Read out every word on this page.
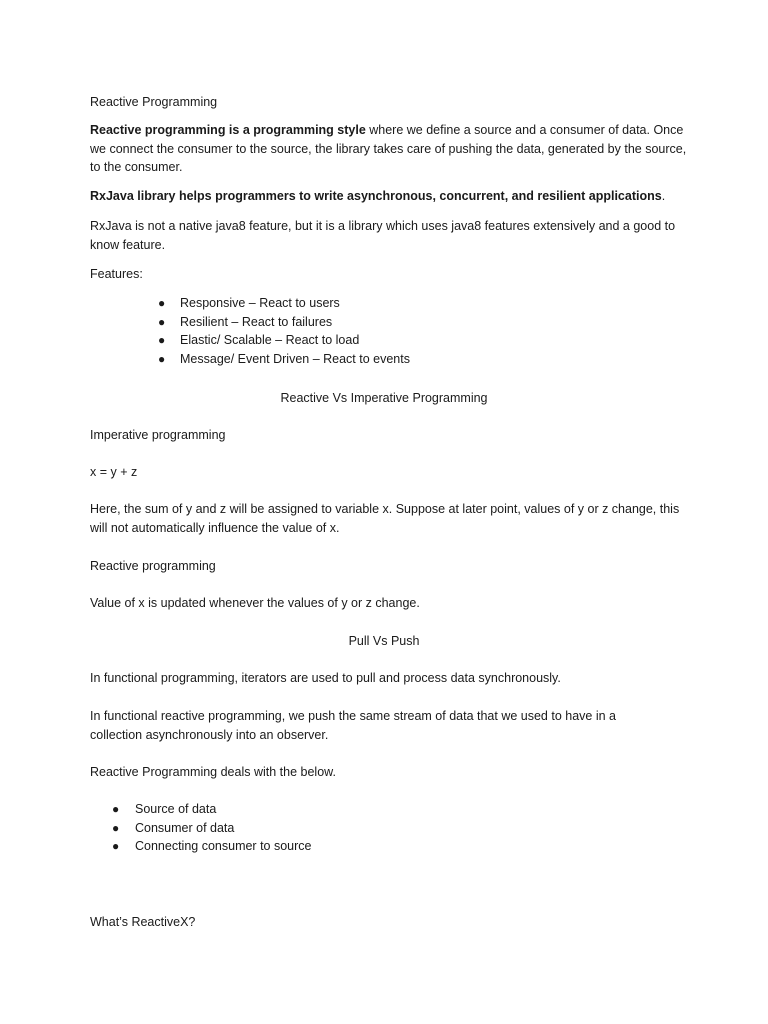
Reactive Programming

Reactive programming is a programming style where we define a source and a consumer of data. Once we connect the consumer to the source, the library takes care of pushing the data, generated by the source, to the consumer.

RxJava library helps programmers to write asynchronous, concurrent, and resilient applications.

RxJava is not a native java8 feature, but it is a library which uses java8 features extensively and a good to know feature.

Features:

● Responsive – React to users
● Resilient – React to failures
● Elastic/ Scalable – React to load
● Message/ Event Driven – React to events

Reactive Vs Imperative Programming

Imperative programming

x = y + z

Here, the sum of y and z will be assigned to variable x. Suppose at later point, values of y or z change, this will not automatically influence the value of x.

Reactive programming

Value of x is updated whenever the values of y or z change.

Pull Vs Push

In functional programming, iterators are used to pull and process data synchronously.

In functional reactive programming, we push the same stream of data that we used to have in a collection asynchronously into an observer.

Reactive Programming deals with the below.

● Source of data
● Consumer of data
● Connecting consumer to source

What’s ReactiveX?
